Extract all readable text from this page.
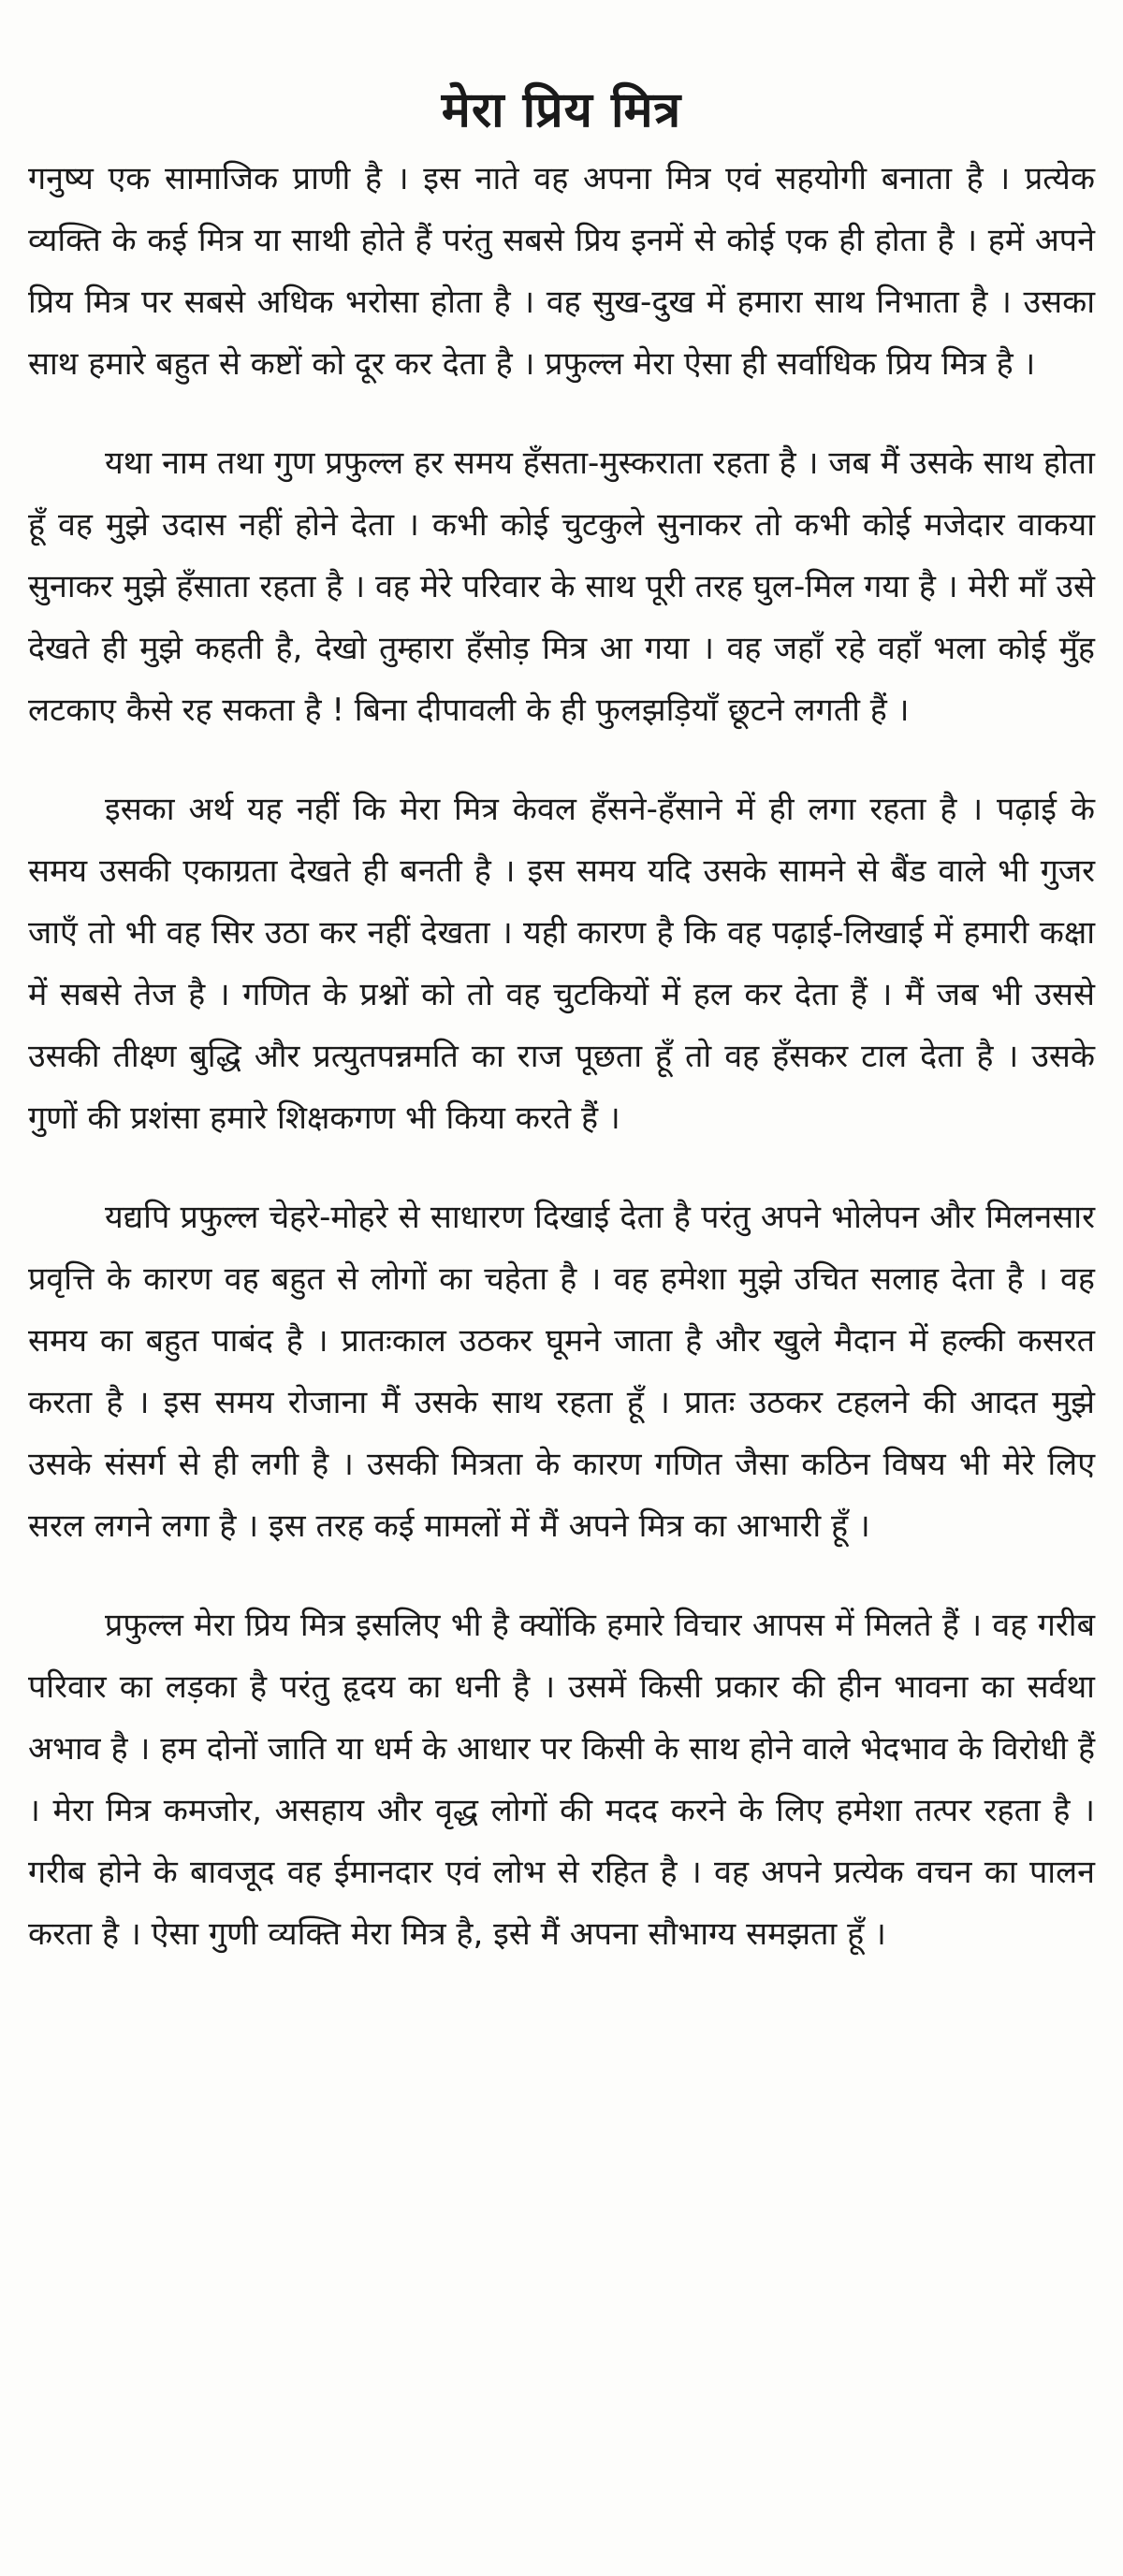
मेरा प्रिय मित्र

गनुष्य एक सामाजिक प्राणी है । इस नाते वह अपना मित्र एवं सहयोगी बनाता है । प्रत्येक व्यक्ति के कई मित्र या साथी होते हैं परंतु सबसे प्रिय इनमें से कोई एक ही होता है । हमें अपने प्रिय मित्र पर सबसे अधिक भरोसा होता है । वह सुख-दुख में हमारा साथ निभाता है । उसका साथ हमारे बहुत से कष्टों को दूर कर देता है । प्रफुल्ल मेरा ऐसा ही सर्वाधिक प्रिय मित्र है ।

यथा नाम तथा गुण प्रफुल्ल हर समय हँसता-मुस्कराता रहता है । जब मैं उसके साथ होता हूँ वह मुझे उदास नहीं होने देता । कभी कोई चुटकुले सुनाकर तो कभी कोई मजेदार वाकया सुनाकर मुझे हँसाता रहता है । वह मेरे परिवार के साथ पूरी तरह घुल-मिल गया है । मेरी माँ उसे देखते ही मुझे कहती है, देखो तुम्हारा हँसोड़ मित्र आ गया । वह जहाँ रहे वहाँ भला कोई मुँह लटकाए कैसे रह सकता है ! बिना दीपावली के ही फुलझड़ियाँ छूटने लगती हैं ।

इसका अर्थ यह नहीं कि मेरा मित्र केवल हँसने-हँसाने में ही लगा रहता है । पढ़ाई के समय उसकी एकाग्रता देखते ही बनती है । इस समय यदि उसके सामने से बैंड वाले भी गुजर जाएँ तो भी वह सिर उठा कर नहीं देखता । यही कारण है कि वह पढ़ाई-लिखाई में हमारी कक्षा में सबसे तेज है । गणित के प्रश्नों को तो वह चुटकियों में हल कर देता हैं । मैं जब भी उससे उसकी तीक्ष्ण बुद्धि और प्रत्युतपन्नमति का राज पूछता हूँ तो वह हँसकर टाल देता है । उसके गुणों की प्रशंसा हमारे शिक्षकगण भी किया करते हैं ।

यद्यपि प्रफुल्ल चेहरे-मोहरे से साधारण दिखाई देता है परंतु अपने भोलेपन और मिलनसार प्रवृत्ति के कारण वह बहुत से लोगों का चहेता है । वह हमेशा मुझे उचित सलाह देता है । वह समय का बहुत पाबंद है । प्रातःकाल उठकर घूमने जाता है और खुले मैदान में हल्की कसरत करता है । इस समय रोजाना मैं उसके साथ रहता हूँ । प्रातः उठकर टहलने की आदत मुझे उसके संसर्ग से ही लगी है । उसकी मित्रता के कारण गणित जैसा कठिन विषय भी मेरे लिए सरल लगने लगा है । इस तरह कई मामलों में मैं अपने मित्र का आभारी हूँ ।

प्रफुल्ल मेरा प्रिय मित्र इसलिए भी है क्योंकि हमारे विचार आपस में मिलते हैं । वह गरीब परिवार का लड़का है परंतु हृदय का धनी है । उसमें किसी प्रकार की हीन भावना का सर्वथा अभाव है । हम दोनों जाति या धर्म के आधार पर किसी के साथ होने वाले भेदभाव के विरोधी हैं । मेरा मित्र कमजोर, असहाय और वृद्ध लोगों की मदद करने के लिए हमेशा तत्पर रहता है । गरीब होने के बावजूद वह ईमानदार एवं लोभ से रहित है । वह अपने प्रत्येक वचन का पालन करता है । ऐसा गुणी व्यक्ति मेरा मित्र है, इसे मैं अपना सौभाग्य समझता हूँ ।
